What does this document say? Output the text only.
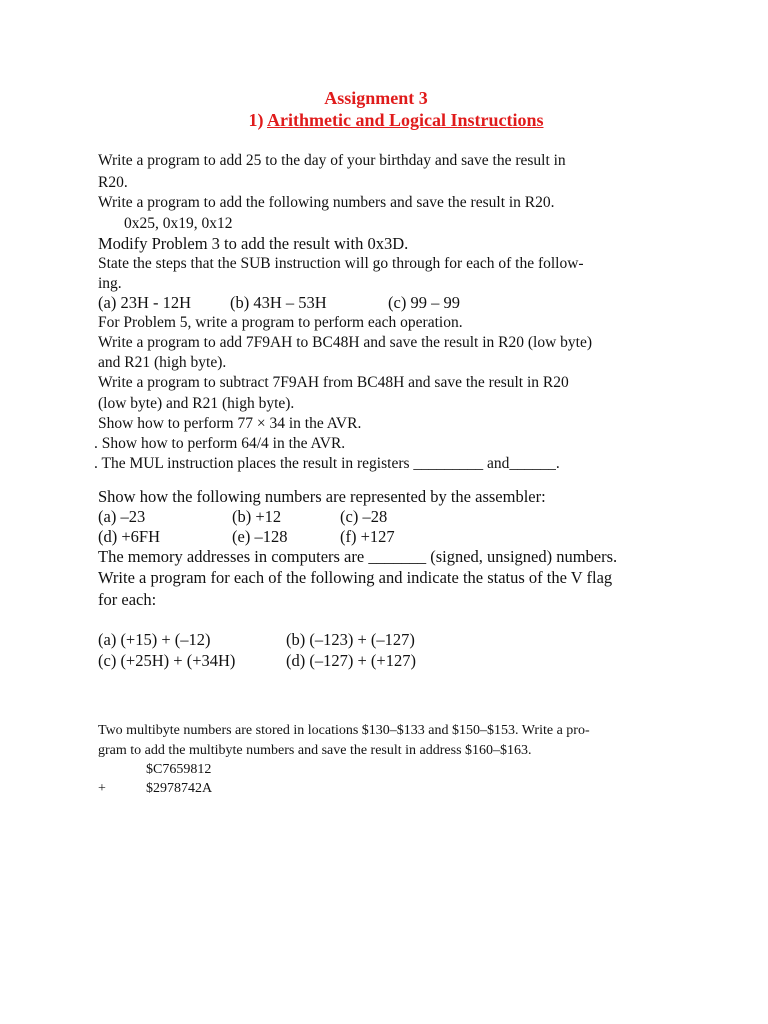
Assignment 3
1) Arithmetic and Logical Instructions
Write a program to add 25 to the day of your birthday and save the result in
R20.
Write a program to add the following numbers and save the result in R20.
0x25, 0x19, 0x12
Modify Problem 3 to add the result with 0x3D.
State the steps that the SUB instruction will go through for each of the follow-
ing.
(a) 23H - 12H (b) 43H – 53H	(c) 99 – 99
For Problem 5, write a program to perform each operation.
Write a program to add 7F9AH to BC48H and save the result in R20 (low byte)
and R21 (high byte).
Write a program to subtract 7F9AH from BC48H and save the result in R20
(low byte) and R21 (high byte).
Show how to perform 77 × 34 in the AVR.
. Show how to perform 64/4 in the AVR.
. The MUL instruction places the result in registers _________ and______.
Show how the following numbers are represented by the assembler:
(a) –23	(b) +12	(c) –28
(d) +6FH	(e) –128	(f) +127
The memory addresses in computers are _______ (signed, unsigned) numbers.
Write a program for each of the following and indicate the status of the V flag
for each:
(a) (+15) + (–12)	(b) (–123) + (–127)
(c) (+25H) + (+34H)	(d) (–127) + (+127)
Two multibyte numbers are stored in locations $130–$133 and $150–$153. Write a pro-
gram to add the multibyte numbers and save the result in address $160–$163.
$C7659812
+	$2978742A
